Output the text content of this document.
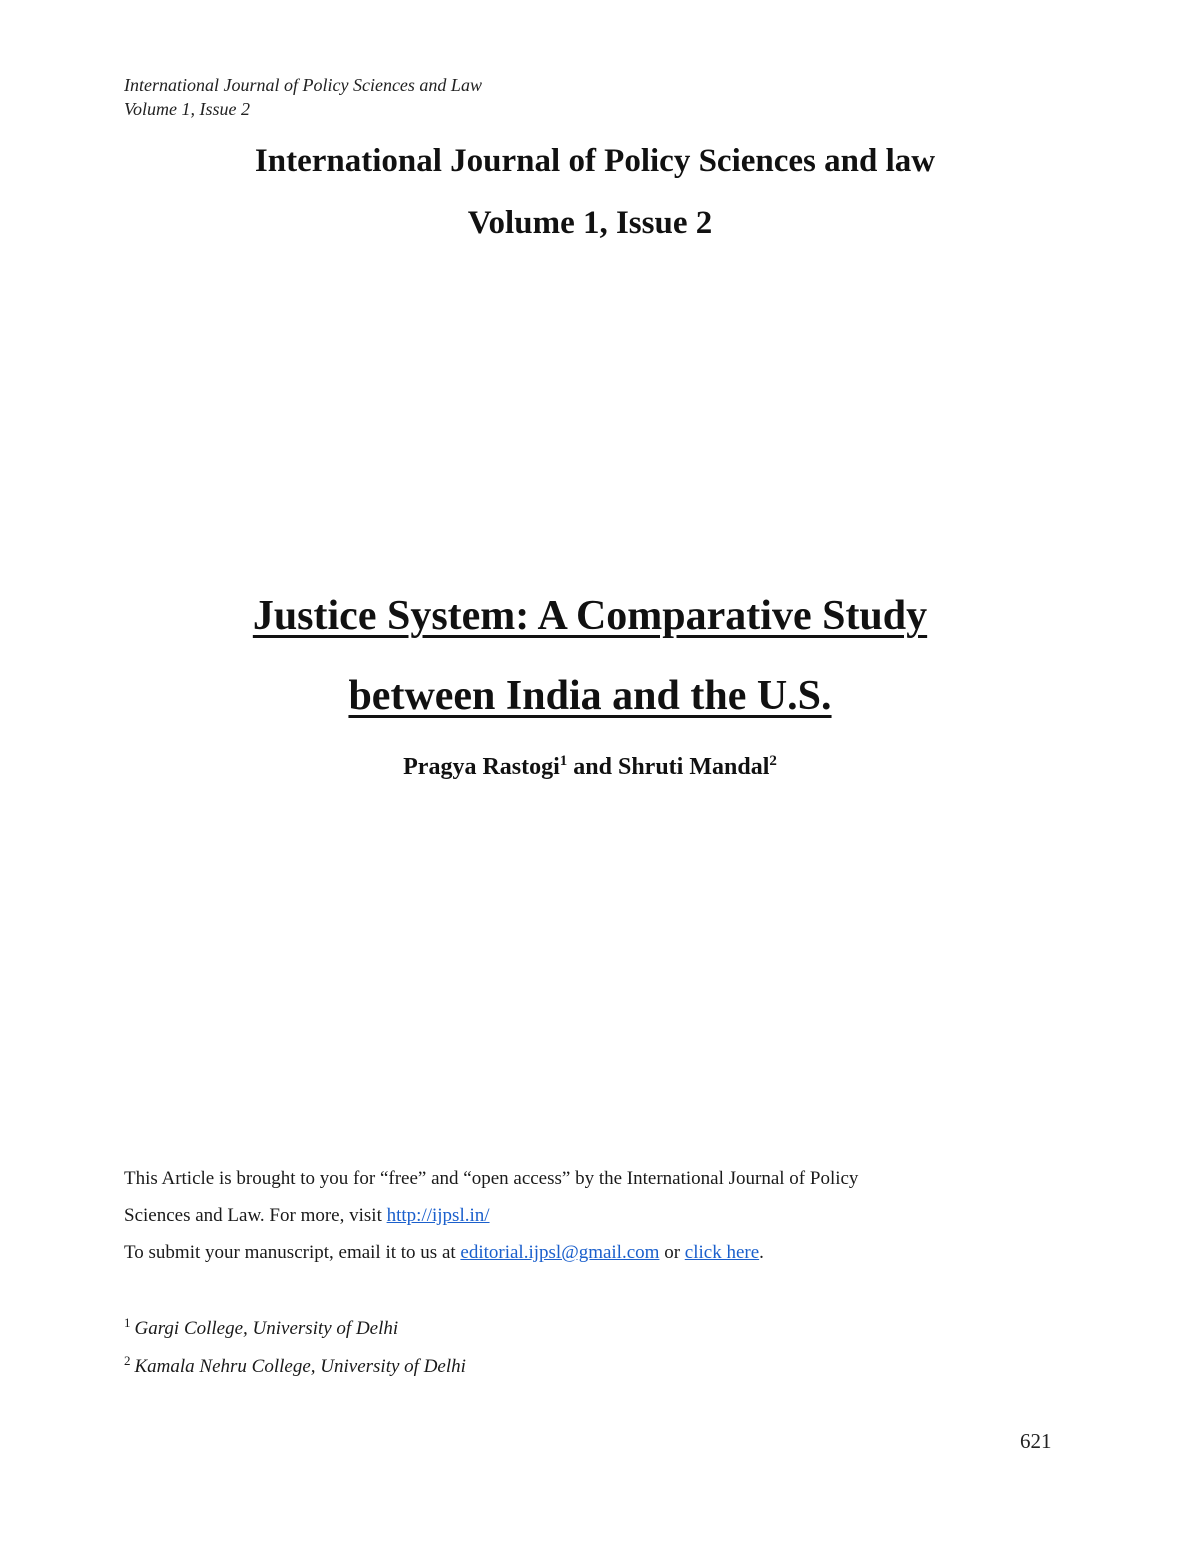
International Journal of Policy Sciences and Law
Volume 1, Issue 2
International Journal of Policy Sciences and law
Volume 1, Issue 2
Justice System: A Comparative Study
between India and the U.S.
Pragya Rastogi$^1$ and Shruti Mandal$^2$
This Article is brought to you for “free” and “open access” by the International Journal of Policy
Sciences and Law. For more, visit http://ijpsl.in/
To submit your manuscript, email it to us at editorial.ijpsl@gmail.com or click here.
$^1$ Gargi College, University of Delhi
$^2$ Kamala Nehru College, University of Delhi
621
